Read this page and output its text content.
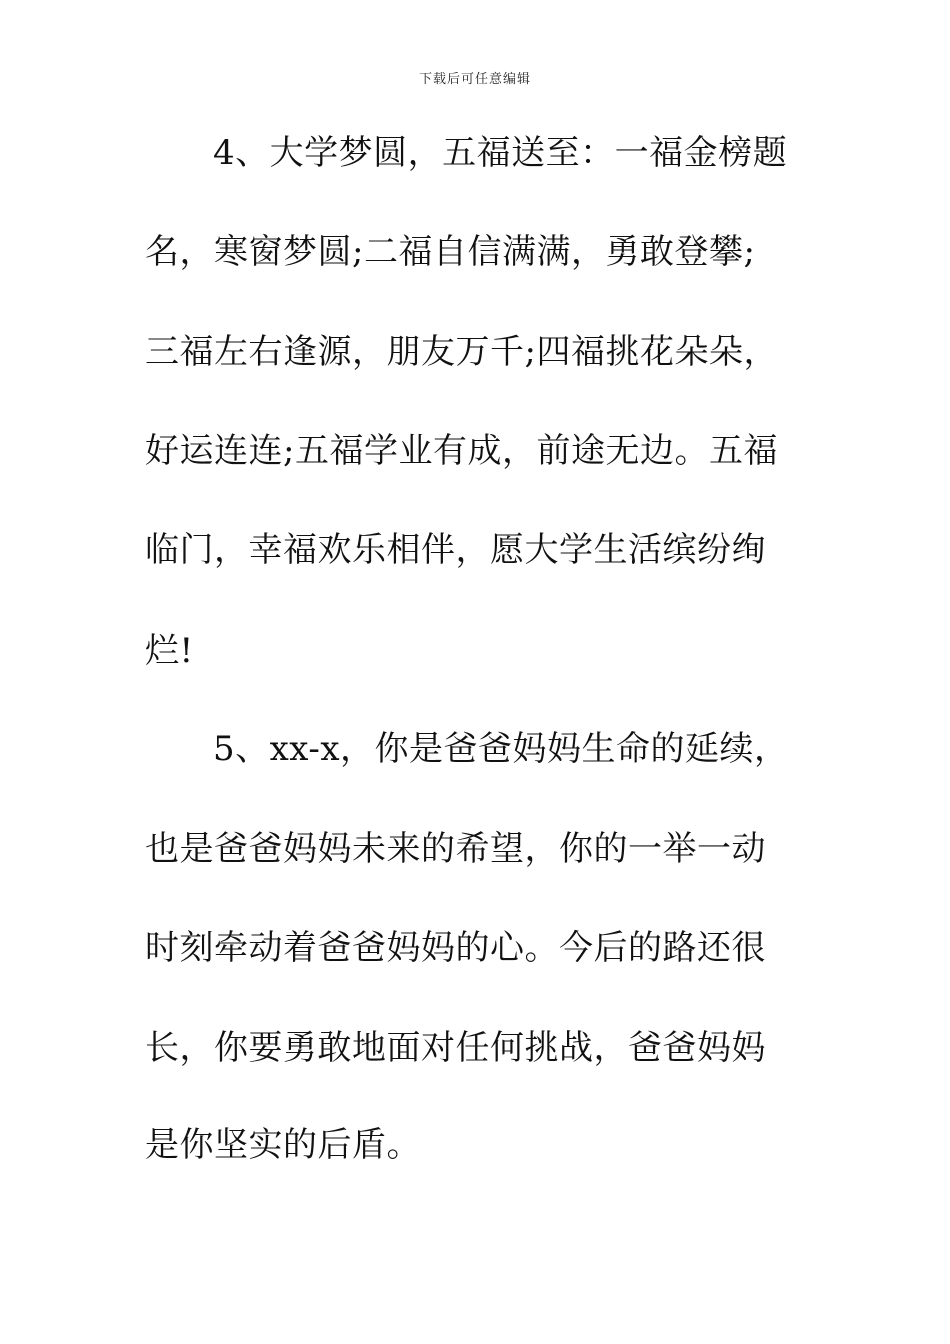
下载后可任意编辑
4、大学梦圆，五福送至：一福金榜题
名，寒窗梦圆;二福自信满满，勇敢登攀;
三福左右逢源，朋友万千;四福挑花朵朵，
好运连连;五福学业有成，前途无边。五福
临门，幸福欢乐相伴，愿大学生活缤纷绚
烂!
5、xx-x，你是爸爸妈妈生命的延续，
也是爸爸妈妈未来的希望，你的一举一动
时刻牵动着爸爸妈妈的心。今后的路还很
长，你要勇敢地面对任何挑战，爸爸妈妈
是你坚实的后盾。
